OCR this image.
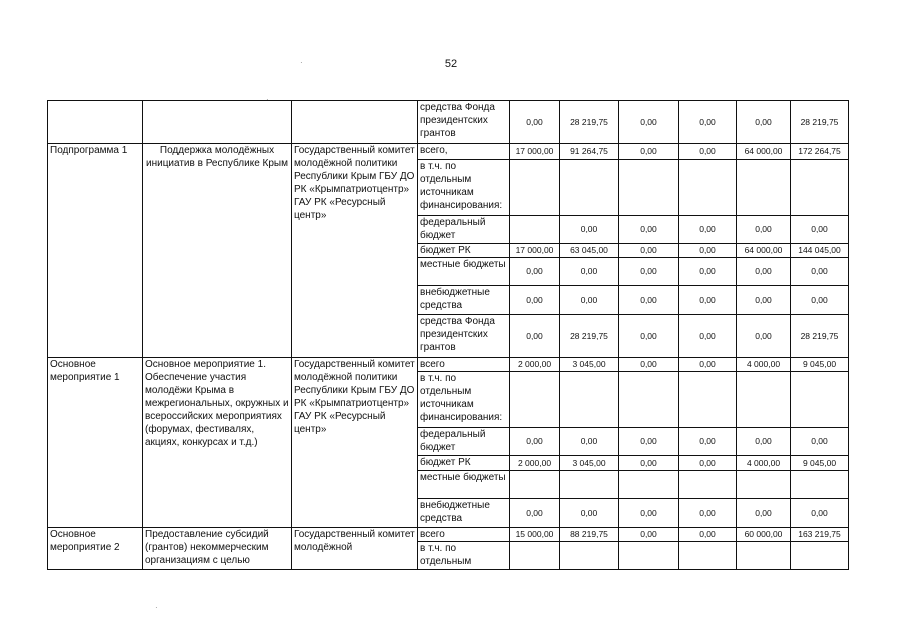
52
·
·
·
			средства Фонда президентских грантов	0,00	28 219,75	0,00	0,00	0,00	28 219,75
Подпрограмма 1	Поддержка молодёжных инициатив в Республике Крым	Государственный комитет молодёжной политики Республики Крым ГБУ ДО РК «Крымпатриотцентр» ГАУ РК «Ресурсный центр»	всего,	17 000,00	91 264,75	0,00	0,00	64 000,00	172 264,75
			в т.ч. по отдельным источникам финансирования:						
			федеральный бюджет		0,00	0,00	0,00	0,00	0,00
			бюджет РК	17 000,00	63 045,00	0,00	0,00	64 000,00	144 045,00
			местные бюджеты	0,00	0,00	0,00	0,00	0,00	0,00
			внебюджетные средства	0,00	0,00	0,00	0,00	0,00	0,00
			средства Фонда президентских грантов	0,00	28 219,75	0,00	0,00	0,00	28 219,75
Основное мероприятие 1	Основное мероприятие 1. Обеспечение участия молодёжи Крыма в межрегиональных, окружных и всероссийских мероприятиях (форумах, фестивалях, акциях, конкурсах и т.д.)	Государственный комитет молодёжной политики Республики Крым ГБУ ДО РК «Крымпатриотцентр» ГАУ РК «Ресурсный центр»	всего	2 000,00	3 045,00	0,00	0,00	4 000,00	9 045,00
			в т.ч. по отдельным источникам финансирования:						
			федеральный бюджет	0,00	0,00	0,00	0,00	0,00	0,00
			бюджет РК	2 000,00	3 045,00	0,00	0,00	4 000,00	9 045,00
			местные бюджеты						
			внебюджетные средства	0,00	0,00	0,00	0,00	0,00	0,00
Основное мероприятие 2	Предоставление субсидий (грантов) некоммерческим организациям с целью	Государственный комитет молодёжной	всего	15 000,00	88 219,75	0,00	0,00	60 000,00	163 219,75
			в т.ч. по отдельным						
